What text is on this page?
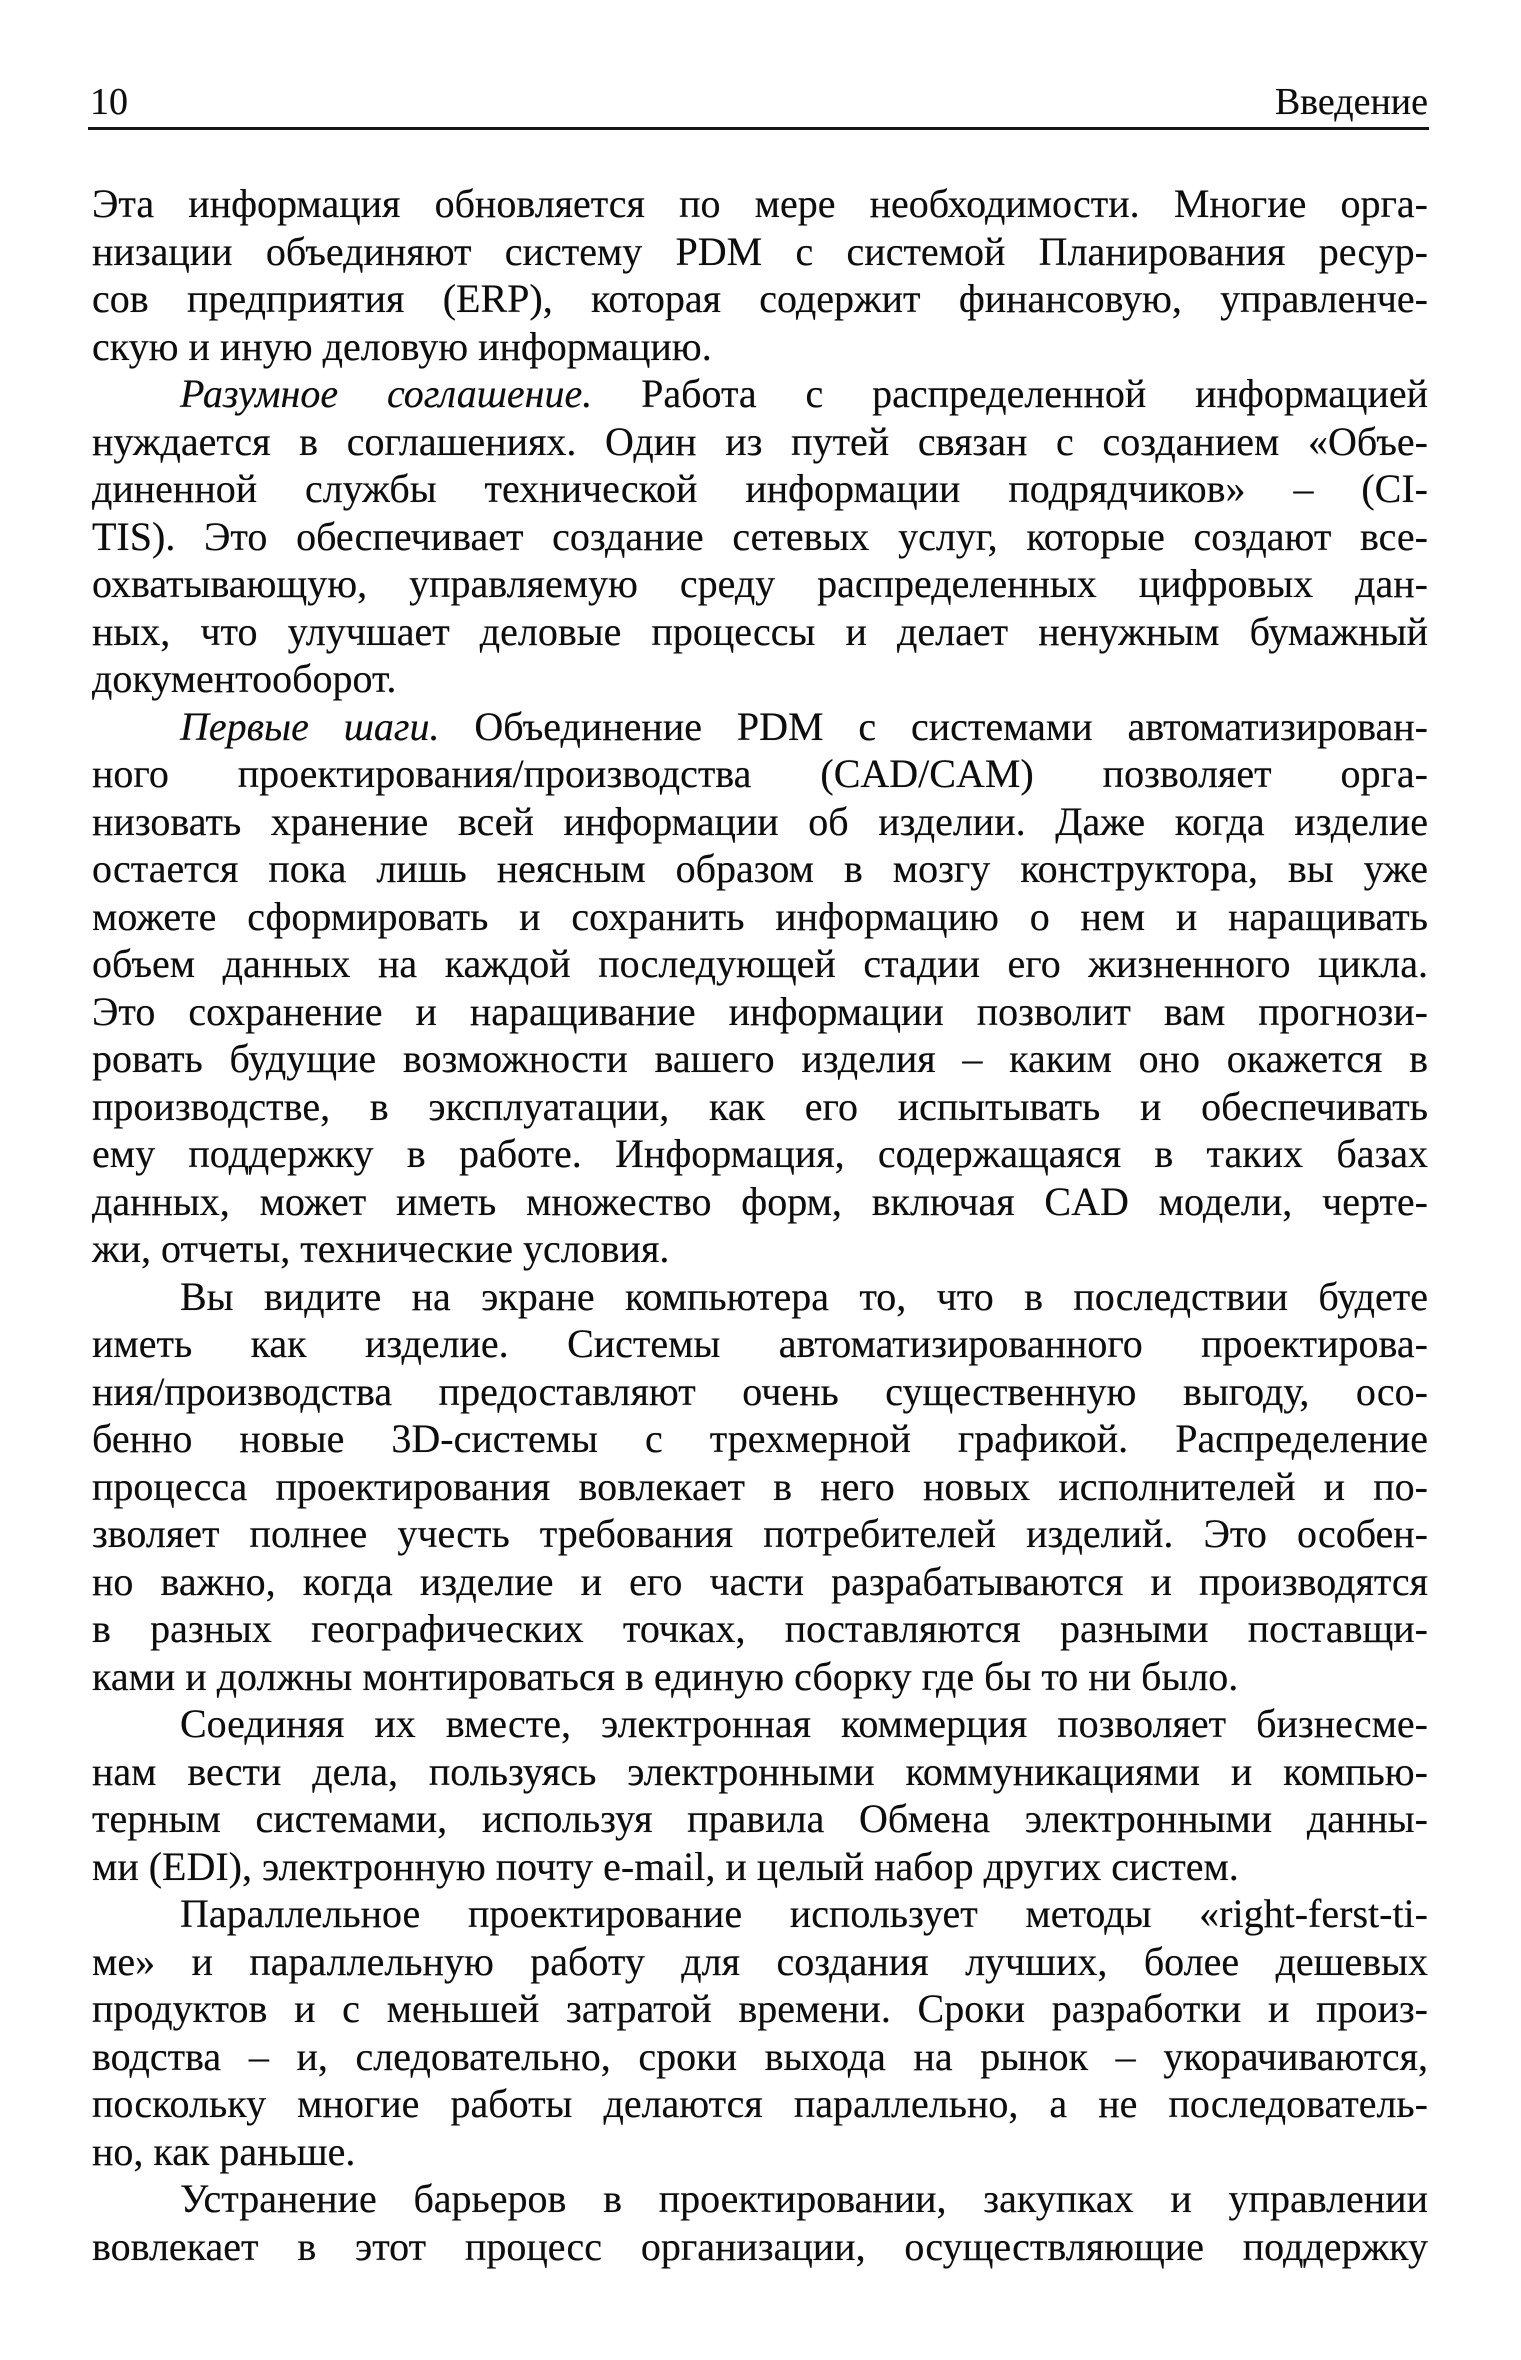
10	Введение
Эта информация обновляется по мере необходимости. Многие орга-
низации объединяют систему PDM с системой Планирования ресур-
сов предприятия (ERP), которая содержит финансовую, управленче-
скую и иную деловую информацию.
Разумное соглашение. Работа с распределенной информацией
нуждается в соглашениях. Один из путей связан с созданием «Объе-
диненной службы технической информации подрядчиков» – (CI-
TIS). Это обеспечивает создание сетевых услуг, которые создают все-
охватывающую, управляемую среду распределенных цифровых дан-
ных, что улучшает деловые процессы и делает ненужным бумажный
документооборот.
Первые шаги. Объединение PDM с системами автоматизирован-
ного проектирования/производства (CAD/CAM) позволяет орга-
низовать хранение всей информации об изделии. Даже когда изделие
остается пока лишь неясным образом в мозгу конструктора, вы уже
можете сформировать и сохранить информацию о нем и наращивать
объем данных на каждой последующей стадии его жизненного цикла.
Это сохранение и наращивание информации позволит вам прогнози-
ровать будущие возможности вашего изделия – каким оно окажется в
производстве, в эксплуатации, как его испытывать и обеспечивать
ему поддержку в работе. Информация, содержащаяся в таких базах
данных, может иметь множество форм, включая CAD модели, черте-
жи, отчеты, технические условия.
Вы видите на экране компьютера то, что в последствии будете
иметь как изделие. Системы автоматизированного проектирова-
ния/производства предоставляют очень существенную выгоду, осо-
бенно новые 3D-системы с трехмерной графикой. Распределение
процесса проектирования вовлекает в него новых исполнителей и по-
зволяет полнее учесть требования потребителей изделий. Это особен-
но важно, когда изделие и его части разрабатываются и производятся
в разных географических точках, поставляются разными поставщи-
ками и должны монтироваться в единую сборку где бы то ни было.
Соединяя их вместе, электронная коммерция позволяет бизнесме-
нам вести дела, пользуясь электронными коммуникациями и компью-
терным системами, используя правила Обмена электронными данны-
ми (EDI), электронную почту e-mail, и целый набор других систем.
Параллельное проектирование использует методы «right-ferst-ti-
ме» и параллельную работу для создания лучших, более дешевых
продуктов и с меньшей затратой времени. Сроки разработки и произ-
водства – и, следовательно, сроки выхода на рынок – укорачиваются,
поскольку многие работы делаются параллельно, а не последователь-
но, как раньше.
Устранение барьеров в проектировании, закупках и управлении
вовлекает в этот процесс организации, осуществляющие поддержку
